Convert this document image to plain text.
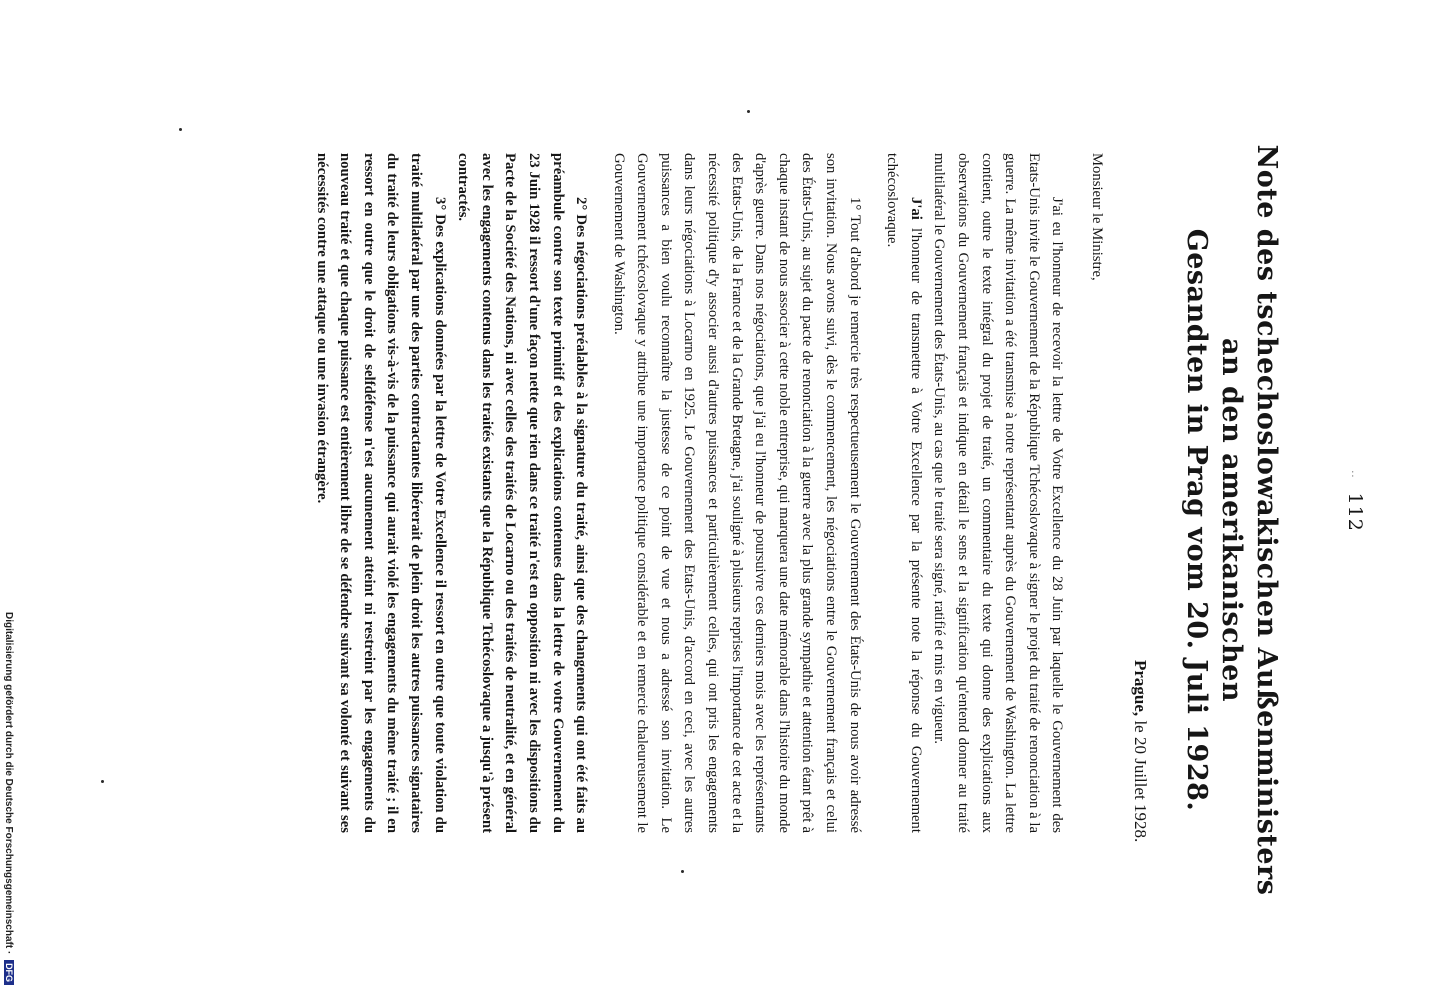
··112
Note des tschechoslowakischen Außenministers an den amerikanischen
Gesandten in Prag vom 20. Juli 1928.
Prague, le 20 Juillet 1928.

Monsieur le Ministre,

J'ai eu l'honneur de recevoir la lettre de Votre Excellence du 28 Juin par laquelle le Gouvernement des Etats-Unis invite le Gouvernement de la République Tchécoslovaque à signer le projet du traité de renonciation à la guerre. La même invitation a été transmise à notre représentant auprès du Gouvernement de Washington. La lettre contient, outre le texte intégral du projet de traité, un commentaire du texte qui donne des explications aux observations du Gouvernement français et indique en détail le sens et la signification qu'entend donner au traité multilatéral le Gouvernement des États-Unis, au cas que le traité sera signé, ratifié et mis en vigueur.

J'ai l'honneur de transmettre à Votre Excellence par la présente note la réponse du Gouvernement tchécoslovaque.

1° Tout d'abord je remercie très respectueusement le Gouvernement des États-Unis de nous avoir adressé son invitation. Nous avons suivi, dès le commencement, les négociations entre le Gouvernement français et celui des États-Unis, au sujet du pacte de renonciation à la guerre avec la plus grande sympathie et attention étant prêt à chaque instant de nous associer à cette noble entreprise, qui marquera une date mémorable dans l'histoire du monde d'après guerre. Dans nos négociations, que j'ai eu l'honneur de poursuivre ces derniers mois avec les représentants des Etats-Unis, de la France et de la Grande Bretagne, j'ai souligné à plusieurs reprises l'importance de cet acte et la nécessité politique d'y associer aussi d'autres puissances et particulièrement celles, qui ont pris les engagements dans leurs négociations à Locarno en 1925. Le Gouvernement des Etats-Unis, d'accord en ceci, avec les autres puissances a bien voulu reconnaître la justesse de ce point de vue et nous a adressé son invitation. Le Gouvernement tchécoslovaque y attribue une importance politique considérable et en remercie chaleureusement le Gouvernement de Washington.

2° Des négociations préalables à la signature du traité, ainsi que des changements qui ont été faits au préambule contre son texte primitif et des explications contenues dans la lettre de votre Gouvernement du 23 Juin 1928 il ressort d'une façon nette que rien dans ce traité n'est en opposition ni avec les dispositions du Pacte de la Société des Nations, ni avec celles des traités de Locarno ou des traités de neutralité, et en général avec les engagements contenus dans les traités existants que la République Tchécoslovaque a jusqu'à présent contractés.

3° Des explications données par la lettre de Votre Excellence il ressort en outre que toute violation du traité multilatéral par une des parties contractantes libérerait de plein droit les autres puissances signataires du traité de leurs obligations vis-à-vis de la puissance qui aurait violé les engagements du même traité ; il en ressort en outre que le droit de selfdéfense n'est aucunement atteint ni restreint par les engagements du nouveau traité et que chaque puissance est entièrement libre de se défendre suivant sa volonté et suivant ses nécessités contre une attaque ou une invasion étrangère.

Digitalisierung gefördert durch die Deutsche Forschungsgemeinschaft · DFG
